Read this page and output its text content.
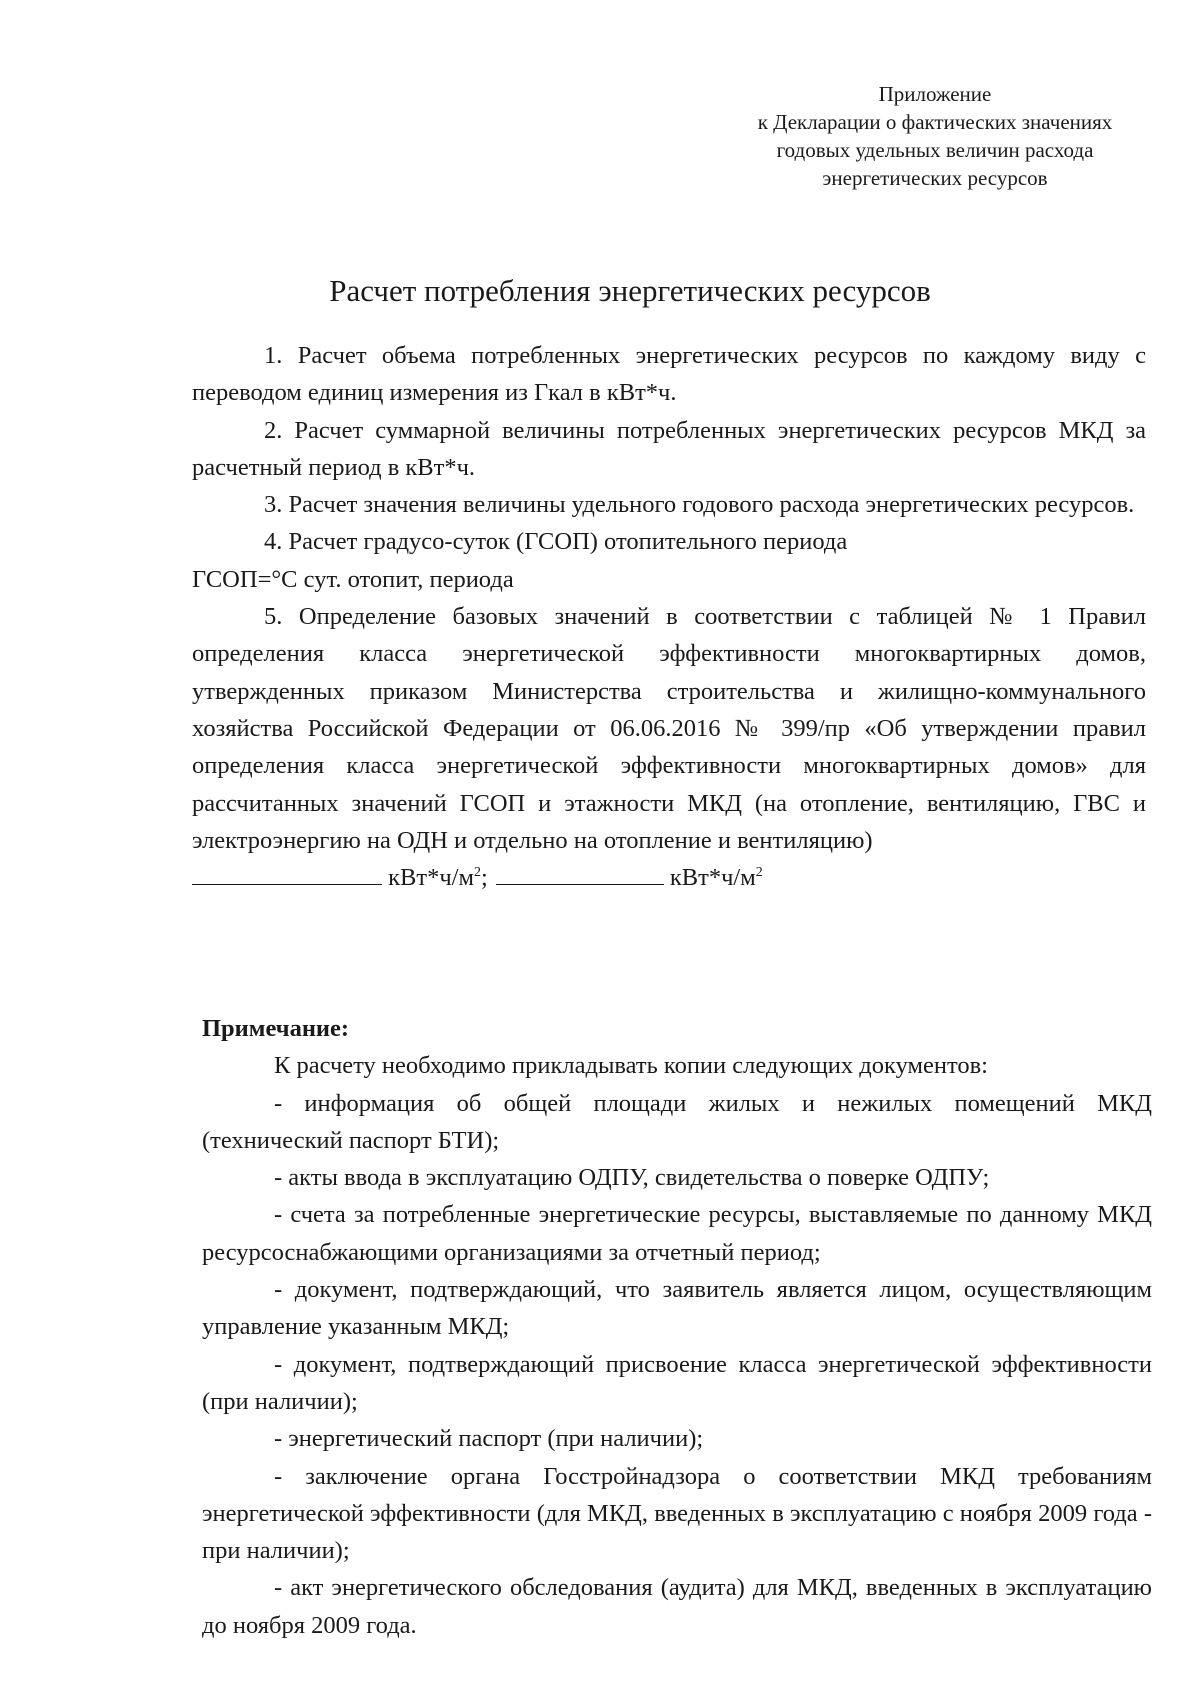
Приложение
к Декларации о фактических значениях
годовых удельных величин расхода
энергетических ресурсов
Расчет потребления энергетических ресурсов

1. Расчет объема потребленных энергетических ресурсов по каждому виду с переводом единиц измерения из Гкал в кВт*ч.

2. Расчет суммарной величины потребленных энергетических ресурсов МКД за расчетный период в кВт*ч.

3. Расчет значения величины удельного годового расхода энергетических ресурсов.

4. Расчет градусо-суток (ГСОП) отопительного периода

ГСОП=°С сут. отопит, периода

5. Определение базовых значений в соответствии с таблицей № 1 Правил определения класса энергетической эффективности многоквартирных домов, утвержденных приказом Министерства строительства и жилищно-коммунального хозяйства Российской Федерации от 06.06.2016 № 399/пр «Об утверждении правил определения класса энергетической эффективности многоквартирных домов» для рассчитанных значений ГСОП и этажности МКД (на отопление, вентиляцию, ГВС и электроэнергию на ОДН и отдельно на отопление и вентиляцию)

$кВт*ч/м^2$;	$кВт*ч/м^2$

Примечание:

К расчету необходимо прикладывать копии следующих документов:

- информация об общей площади жилых и нежилых помещений МКД (технический паспорт БТИ);

- акты ввода в эксплуатацию ОДПУ, свидетельства о поверке ОДПУ;

- счета за потребленные энергетические ресурсы, выставляемые по данному МКД ресурсоснабжающими организациями за отчетный период;

- документ, подтверждающий, что заявитель является лицом, осуществляющим управление указанным МКД;

- документ, подтверждающий присвоение класса энергетической эффективности (при наличии);

- энергетический паспорт (при наличии);

- заключение органа Госстройнадзора о соответствии МКД требованиям энергетической эффективности (для МКД, введенных в эксплуатацию с ноября 2009 года - при наличии);

- акт энергетического обследования (аудита) для МКД, введенных в эксплуатацию до ноября 2009 года.
